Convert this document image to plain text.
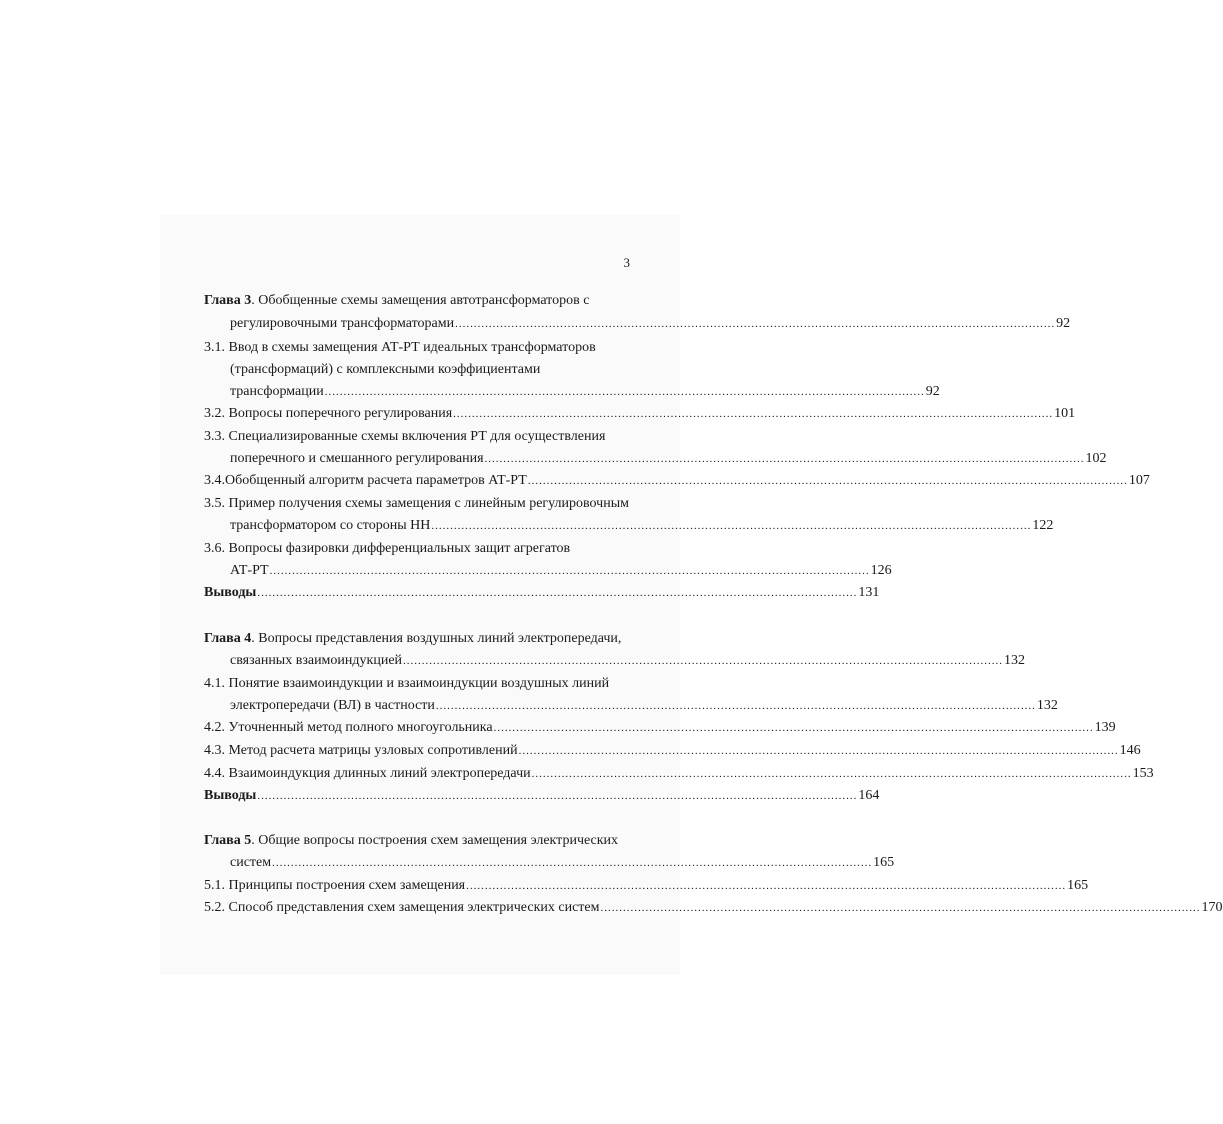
3
Глава 3. Обобщенные схемы замещения автотрансформаторов с
регулировочными трансформаторами ................................................................................................................................................................ 92
3.1. Ввод в схемы замещения АТ-РТ идеальных трансформаторов
(трансформаций) с комплексными коэффициентами
трансформации ................................................................................................................................................................ 92
3.2. Вопросы поперечного регулирования ................................................................................................................................................................ 101
3.3. Специализированные схемы включения РТ для осуществления
поперечного и смешанного регулирования ................................................................................................................................................................ 102
3.4.Обобщенный алгоритм расчета параметров АТ-РТ ................................................................................................................................................................ 107
3.5. Пример получения схемы замещения с линейным регулировочным
трансформатором со стороны НН ................................................................................................................................................................ 122
3.6. Вопросы фазировки дифференциальных защит агрегатов
АТ-РТ ................................................................................................................................................................ 126
Выводы ................................................................................................................................................................ 131
Глава 4. Вопросы представления воздушных линий электропередачи,
связанных взаимоиндукцией ................................................................................................................................................................ 132
4.1. Понятие взаимоиндукции и взаимоиндукции воздушных линий
электропередачи (ВЛ) в частности ................................................................................................................................................................ 132
4.2. Уточненный метод полного многоугольника ................................................................................................................................................................ 139
4.3. Метод расчета матрицы узловых сопротивлений ................................................................................................................................................................ 146
4.4. Взаимоиндукция длинных линий электропередачи ................................................................................................................................................................ 153
Выводы ................................................................................................................................................................ 164
Глава 5. Общие вопросы построения схем замещения электрических
систем ................................................................................................................................................................ 165
5.1. Принципы построения схем замещения ................................................................................................................................................................ 165
5.2. Способ представления схем замещения электрических систем ................................................................................................................................................................ 170
